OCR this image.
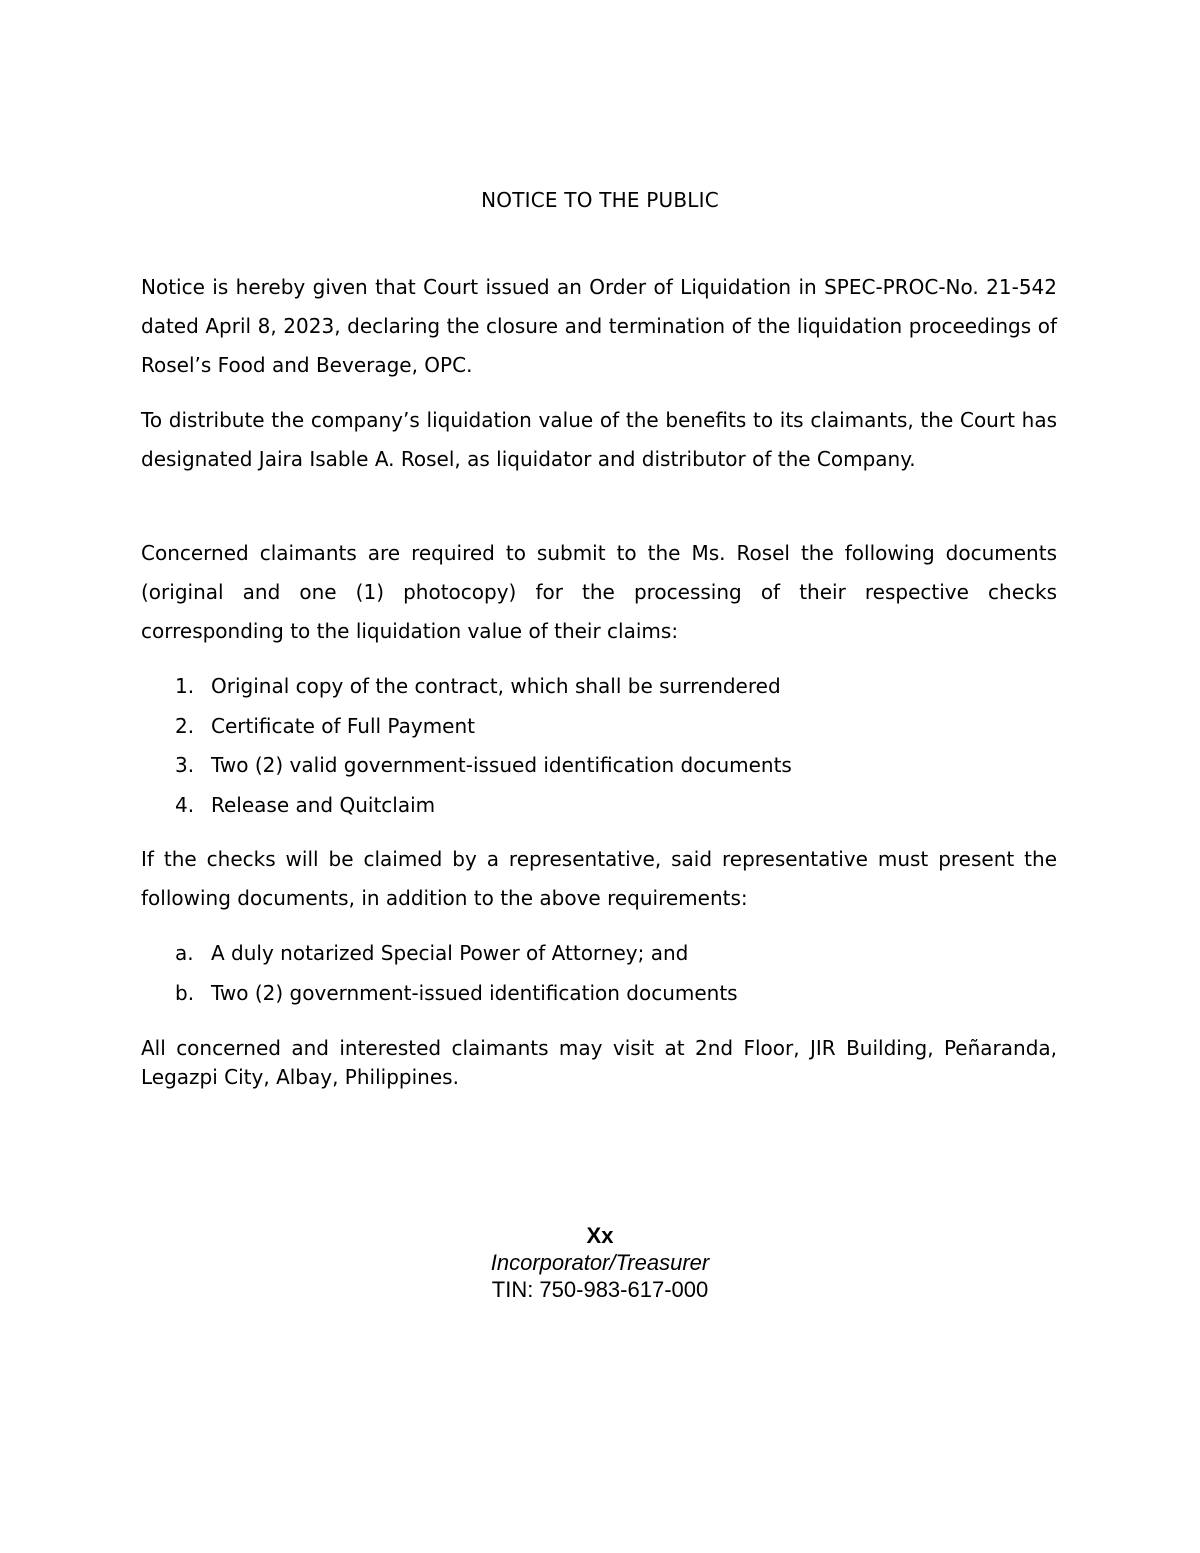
NOTICE TO THE PUBLIC

Notice is hereby given that Court issued an Order of Liquidation in SPEC-PROC-No. 21-542 dated April 8, 2023, declaring the closure and termination of the liquidation proceedings of Rosel’s Food and Beverage, OPC.

To distribute the company’s liquidation value of the benefits to its claimants, the Court has designated Jaira Isable A. Rosel, as liquidator and distributor of the Company.

Concerned claimants are required to submit to the Ms. Rosel the following documents (original and one (1) photocopy) for the processing of their respective checks corresponding to the liquidation value of their claims:

1. Original copy of the contract, which shall be surrendered
2. Certificate of Full Payment
3. Two (2) valid government-issued identification documents
4. Release and Quitclaim

If the checks will be claimed by a representative, said representative must present the following documents, in addition to the above requirements:

a. A duly notarized Special Power of Attorney; and
b. Two (2) government-issued identification documents

All concerned and interested claimants may visit at 2nd Floor, JIR Building, Peñaranda, Legazpi City, Albay, Philippines.

Xx
Incorporator/Treasurer
TIN: 750-983-617-000
